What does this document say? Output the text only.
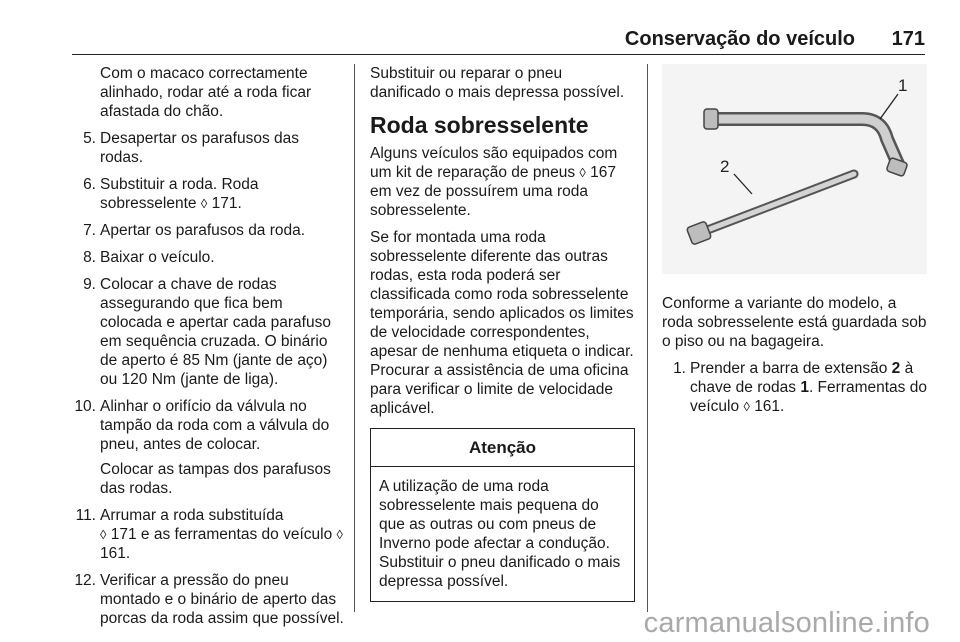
Conservação do veículo 171
Com o macaco correctamente alinhado, rodar até a roda ficar afastada do chão.
5. Desapertar os parafusos das rodas.
6. Substituir a roda. Roda sobresselente ◊ 171.
7. Apertar os parafusos da roda.
8. Baixar o veículo.
9. Colocar a chave de rodas assegurando que fica bem colocada e apertar cada parafuso em sequência cruzada. O binário de aperto é 85 Nm (jante de aço) ou 120 Nm (jante de liga).
10. Alinhar o orifício da válvula no tampão da roda com a válvula do pneu, antes de colocar.
Colocar as tampas dos parafusos das rodas.
11. Arrumar a roda substituída
◊ 171 e as ferramentas do veículo ◊ 161.
12. Verificar a pressão do pneu montado e o binário de aperto das porcas da roda assim que possível.
Substituir ou reparar o pneu danificado o mais depressa possível.
Roda sobresselente
Alguns veículos são equipados com um kit de reparação de pneus ◊ 167 em vez de possuírem uma roda sobresselente.
Se for montada uma roda sobresselente diferente das outras rodas, esta roda poderá ser classificada como roda sobresselente temporária, sendo aplicados os limites de velocidade correspondentes, apesar de nenhuma etiqueta o indicar. Procurar a assistência de uma oficina para verificar o limite de velocidade aplicável.
Atenção
A utilização de uma roda sobresselente mais pequena do que as outras ou com pneus de Inverno pode afectar a condução. Substituir o pneu danificado o mais depressa possível.
1
2
Conforme a variante do modelo, a roda sobresselente está guardada sob o piso ou na bagageira.
1. Prender a barra de extensão 2 à chave de rodas 1. Ferramentas do veículo ◊ 161.
carmanualsonline.info
